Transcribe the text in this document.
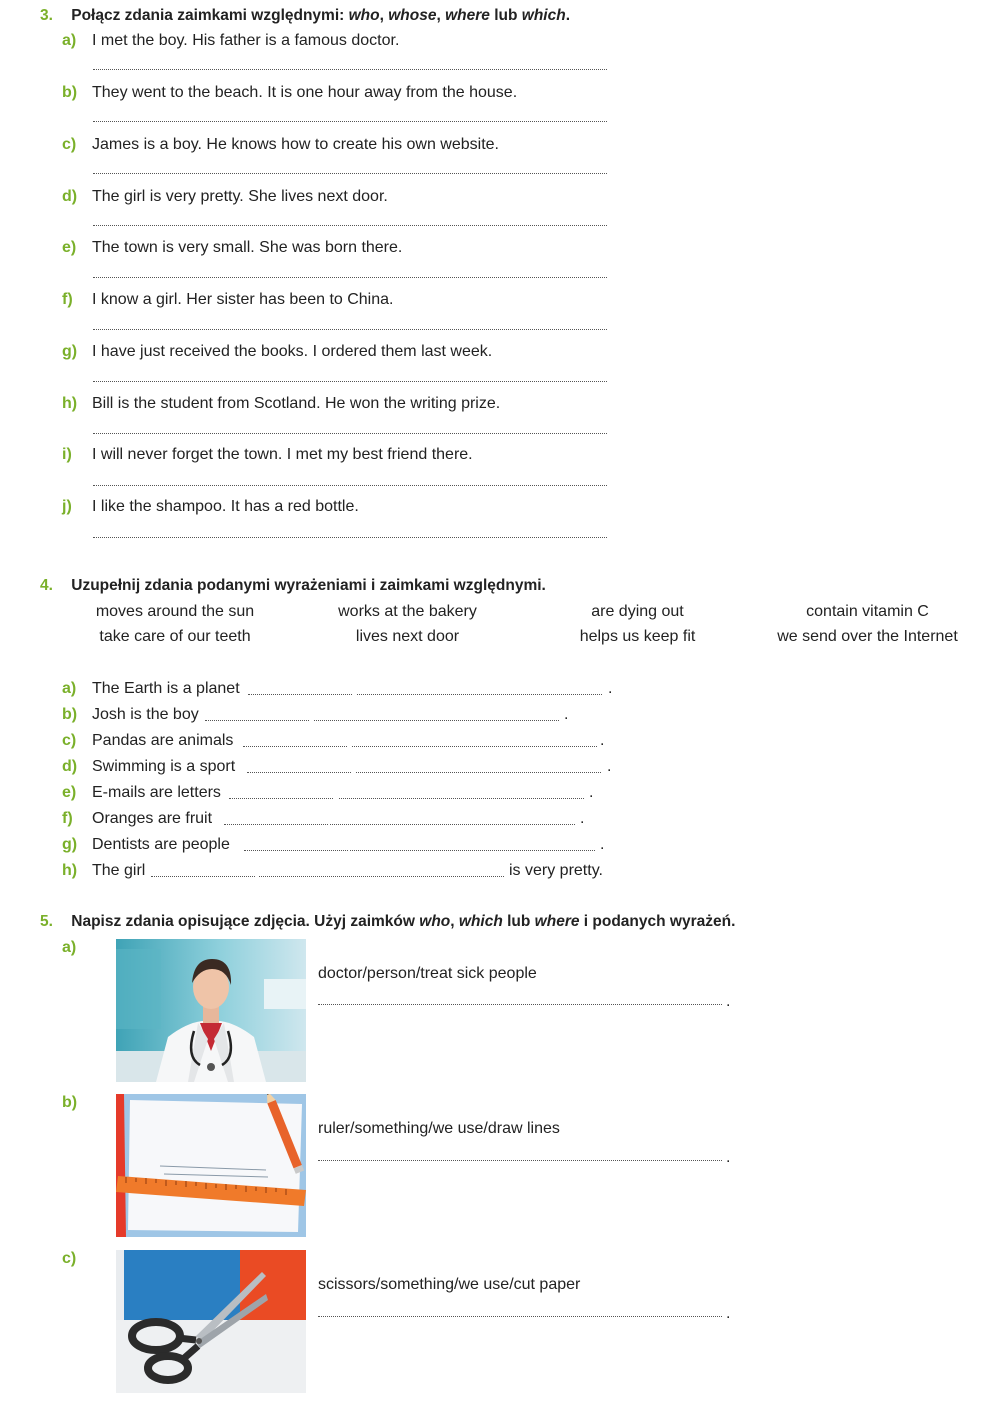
3. Połącz zdania zaimkami względnymi: who, whose, where lub which.
a) I met the boy. His father is a famous doctor.
b) They went to the beach. It is one hour away from the house.
c) James is a boy. He knows how to create his own website.
d) The girl is very pretty. She lives next door.
e) The town is very small. She was born there.
f) I know a girl. Her sister has been to China.
g) I have just received the books. I ordered them last week.
h) Bill is the student from Scotland. He won the writing prize.
i) I will never forget the town. I met my best friend there.
j) I like the shampoo. It has a red bottle.
4. Uzupełnij zdania podanymi wyrażeniami i zaimkami względnymi.
moves around the sun	works at the bakery	are dying out	contain vitamin C
take care of our teeth	lives next door	helps us keep fit	we send over the Internet
a) The Earth is a planet	.
b) Josh is the boy	.
c) Pandas are animals	.
d) Swimming is a sport	.
e) E-mails are letters	.
f) Oranges are fruit	.
g) Dentists are people	.
h) The girl	is very pretty.
5. Napisz zdania opisujące zdjęcia. Użyj zaimków who, which lub where i podanych wyrażeń.
a)
doctor/person/treat sick people
.
b)
ruler/something/we use/draw lines
.
c)
scissors/something/we use/cut paper
.
